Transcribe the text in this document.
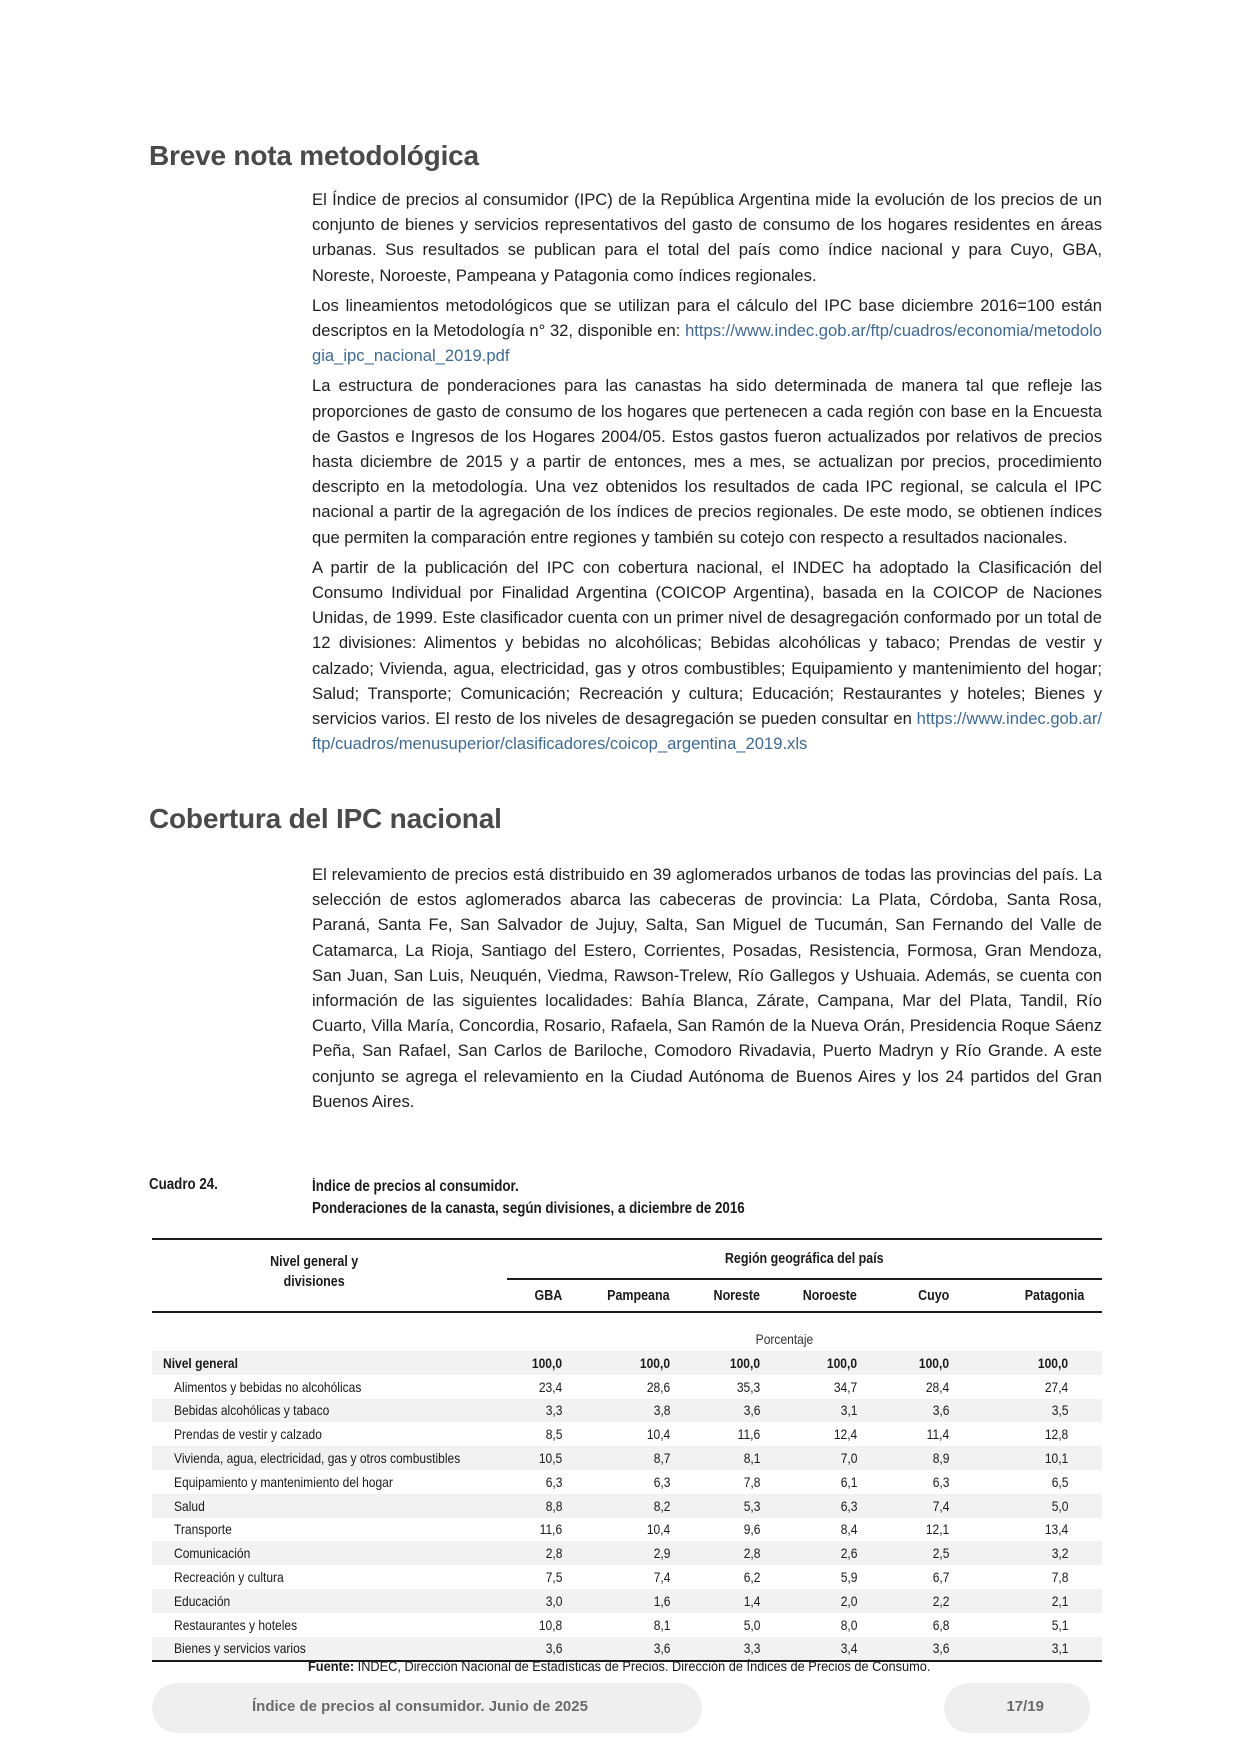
Breve nota metodológica

El Índice de precios al consumidor (IPC) de la República Argentina mide la evolución de los precios de un conjunto de bienes y servicios representativos del gasto de consumo de los hogares residentes en áreas urbanas. Sus resultados se publican para el total del país como índice nacional y para Cuyo, GBA, Noreste, Noroeste, Pampeana y Patagonia como índices regionales.

Los lineamientos metodológicos que se utilizan para el cálculo del IPC base diciembre 2016=100 están descriptos en la Metodología n° 32, disponible en: https://www.indec.gob.ar/ftp/cuadros/economia/metodologia_ipc_nacional_2019.pdf

La estructura de ponderaciones para las canastas ha sido determinada de manera tal que refleje las proporciones de gasto de consumo de los hogares que pertenecen a cada región con base en la Encuesta de Gastos e Ingresos de los Hogares 2004/05. Estos gastos fueron actualizados por relativos de precios hasta diciembre de 2015 y a partir de entonces, mes a mes, se actualizan por precios, procedimiento descripto en la metodología. Una vez obtenidos los resultados de cada IPC regional, se calcula el IPC nacional a partir de la agregación de los índices de precios regionales. De este modo, se obtienen índices que permiten la comparación entre regiones y también su cotejo con respecto a resultados nacionales.

A partir de la publicación del IPC con cobertura nacional, el INDEC ha adoptado la Clasificación del Consumo Individual por Finalidad Argentina (COICOP Argentina), basada en la COICOP de Naciones Unidas, de 1999. Este clasificador cuenta con un primer nivel de desagregación conformado por un total de 12 divisiones: Alimentos y bebidas no alcohólicas; Bebidas alcohólicas y tabaco; Prendas de vestir y calzado; Vivienda, agua, electricidad, gas y otros combustibles; Equipamiento y mantenimiento del hogar; Salud; Transporte; Comunicación; Recreación y cultura; Educación; Restaurantes y hoteles; Bienes y servicios varios. El resto de los niveles de desagregación se pueden consultar en https://www.indec.gob.ar/ftp/cuadros/menusuperior/clasificadores/coicop_argentina_2019.xls

Cobertura del IPC nacional

El relevamiento de precios está distribuido en 39 aglomerados urbanos de todas las provincias del país. La selección de estos aglomerados abarca las cabeceras de provincia: La Plata, Córdoba, Santa Rosa, Paraná, Santa Fe, San Salvador de Jujuy, Salta, San Miguel de Tucumán, San Fernando del Valle de Catamarca, La Rioja, Santiago del Estero, Corrientes, Posadas, Resistencia, Formosa, Gran Mendoza, San Juan, San Luis, Neuquén, Viedma, Rawson-Trelew, Río Gallegos y Ushuaia. Además, se cuenta con información de las siguientes localidades: Bahía Blanca, Zárate, Campana, Mar del Plata, Tandil, Río Cuarto, Villa María, Concordia, Rosario, Rafaela, San Ramón de la Nueva Orán, Presidencia Roque Sáenz Peña, San Rafael, San Carlos de Bariloche, Comodoro Rivadavia, Puerto Madryn y Río Grande. A este conjunto se agrega el relevamiento en la Ciudad Autónoma de Buenos Aires y los 24 partidos del Gran Buenos Aires.

Cuadro 24.	Índice de precios al consumidor.
Ponderaciones de la canasta, según divisiones, a diciembre de 2016
Nivel general y
divisiones	Región geográfica del país					
	GBA	Pampeana	Noreste	Noroeste	Cuyo	Patagonia
	Porcentaje					
Nivel general	100,0	100,0	100,0	100,0	100,0	100,0
Alimentos y bebidas no alcohólicas	23,4	28,6	35,3	34,7	28,4	27,4
Bebidas alcohólicas y tabaco	3,3	3,8	3,6	3,1	3,6	3,5
Prendas de vestir y calzado	8,5	10,4	11,6	12,4	11,4	12,8
Vivienda, agua, electricidad, gas y otros combustibles	10,5	8,7	8,1	7,0	8,9	10,1
Equipamiento y mantenimiento del hogar	6,3	6,3	7,8	6,1	6,3	6,5
Salud	8,8	8,2	5,3	6,3	7,4	5,0
Transporte	11,6	10,4	9,6	8,4	12,1	13,4
Comunicación	2,8	2,9	2,8	2,6	2,5	3,2
Recreación y cultura	7,5	7,4	6,2	5,9	6,7	7,8
Educación	3,0	1,6	1,4	2,0	2,2	2,1
Restaurantes y hoteles	10,8	8,1	5,0	8,0	6,8	5,1
Bienes y servicios varios	3,6	3,6	3,3	3,4	3,6	3,1
Fuente: INDEC, Dirección Nacional de Estadísticas de Precios. Dirección de Índices de Precios de Consumo.
Índice de precios al consumidor. Junio de 2025	17/19
